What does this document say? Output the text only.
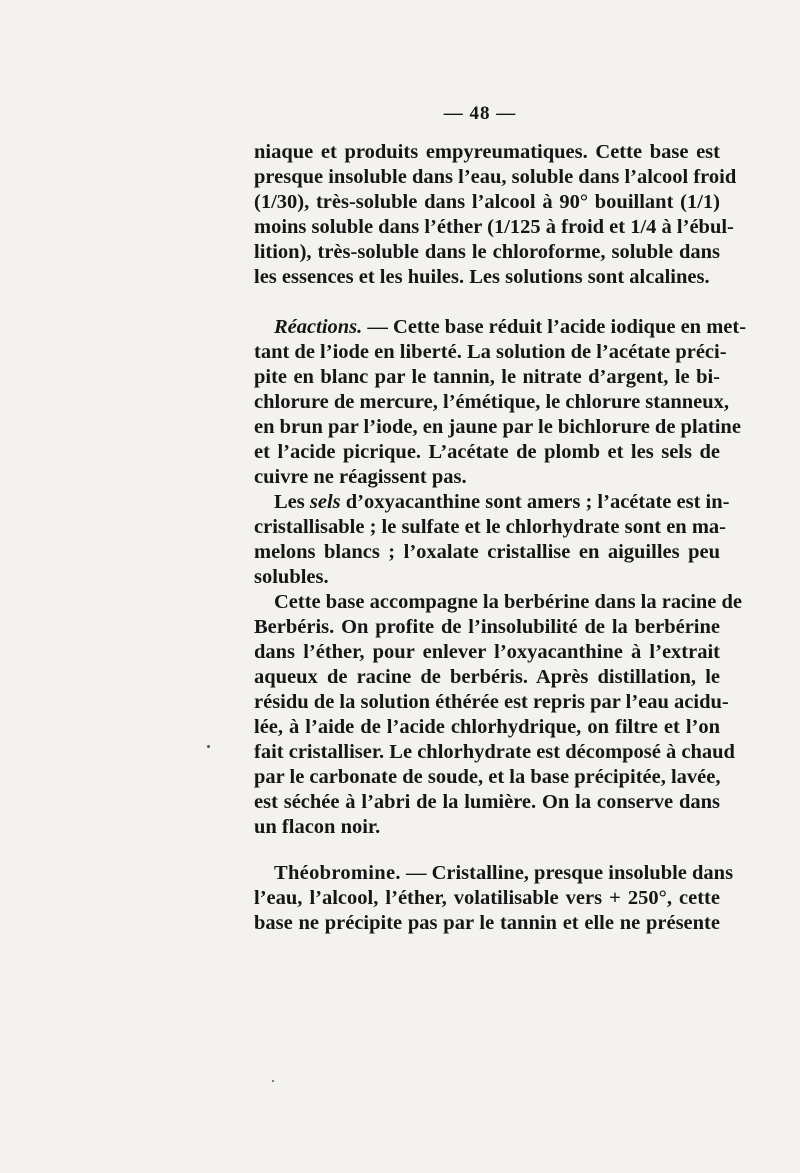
— 48 —
niaque et produits empyreumatiques. Cette base est
presque insoluble dans l’eau, soluble dans l’alcool froid
(1/30), très-soluble dans l’alcool à 90° bouillant (1/1)
moins soluble dans l’éther (1/125 à froid et 1/4 à l’ébul-
lition), très-soluble dans le chloroforme, soluble dans
les essences et les huiles. Les solutions sont alcalines.
Réactions. — Cette base réduit l’acide iodique en met-
tant de l’iode en liberté. La solution de l’acétate préci-
pite en blanc par le tannin, le nitrate d’argent, le bi-
chlorure de mercure, l’émétique, le chlorure stanneux,
en brun par l’iode, en jaune par le bichlorure de platine
et l’acide picrique. L’acétate de plomb et les sels de
cuivre ne réagissent pas.
Les sels d’oxyacanthine sont amers ; l’acétate est in-
cristallisable ; le sulfate et le chlorhydrate sont en ma-
melons blancs ; l’oxalate cristallise en aiguilles peu
solubles.
Cette base accompagne la berbérine dans la racine de
Berbéris. On profite de l’insolubilité de la berbérine
dans l’éther, pour enlever l’oxyacanthine à l’extrait
aqueux de racine de berbéris. Après distillation, le
résidu de la solution éthérée est repris par l’eau acidu-
lée, à l’aide de l’acide chlorhydrique, on filtre et l’on
fait cristalliser. Le chlorhydrate est décomposé à chaud
par le carbonate de soude, et la base précipitée, lavée,
est séchée à l’abri de la lumière. On la conserve dans
un flacon noir.
Théobromine. — Cristalline, presque insoluble dans
l’eau, l’alcool, l’éther, volatilisable vers + 250°, cette
base ne précipite pas par le tannin et elle ne présente
